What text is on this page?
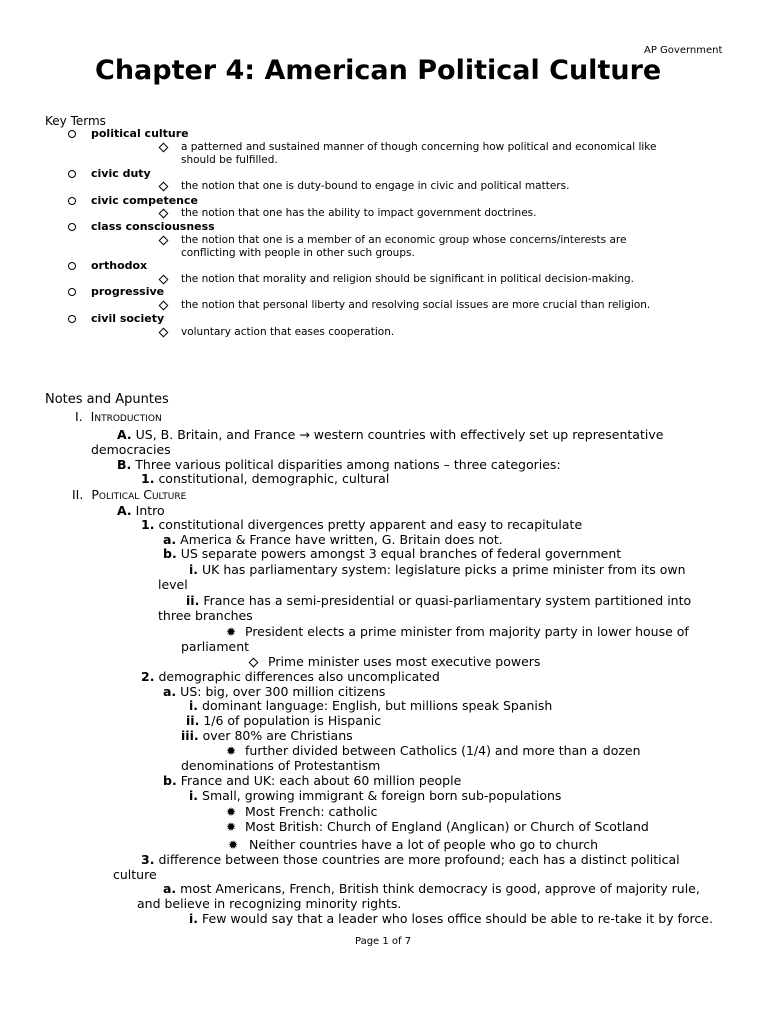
AP Government
Chapter 4: American Political Culture
Key Terms
political culture
a patterned and sustained manner of though concerning how political and economical like
should be fulfilled.
civic duty
the notion that one is duty-bound to engage in civic and political matters.
civic competence
the notion that one has the ability to impact government doctrines.
class consciousness
the notion that one is a member of an economic group whose concerns/interests are
conflicting with people in other such groups.
orthodox
the notion that morality and religion should be significant in political decision-making.
progressive
the notion that personal liberty and resolving social issues are more crucial than religion.
civil society
voluntary action that eases cooperation.
Notes and Apuntes
I. Introduction
A. US, B. Britain, and France → western countries with effectively set up representative
democracies
B. Three various political disparities among nations – three categories:
1. constitutional, demographic, cultural
II. Political Culture
A. Intro
1. constitutional divergences pretty apparent and easy to recapitulate
a. America & France have written, G. Britain does not.
b. US separate powers amongst 3 equal branches of federal government
i. UK has parliamentary system: legislature picks a prime minister from its own
level
ii. France has a semi-presidential or quasi-parliamentary system partitioned into
three branches
✹ President elects a prime minister from majority party in lower house of
parliament
Prime minister uses most executive powers
2. demographic differences also uncomplicated
a. US: big, over 300 million citizens
i. dominant language: English, but millions speak Spanish
ii. 1/6 of population is Hispanic
iii. over 80% are Christians
✹ further divided between Catholics (1/4) and more than a dozen
denominations of Protestantism
b. France and UK: each about 60 million people
i. Small, growing immigrant & foreign born sub-populations
✹ Most French: catholic
✹ Most British: Church of England (Anglican) or Church of Scotland
✹ Neither countries have a lot of people who go to church
3. difference between those countries are more profound; each has a distinct political
culture
a. most Americans, French, British think democracy is good, approve of majority rule,
and believe in recognizing minority rights.
i. Few would say that a leader who loses office should be able to re-take it by force.
Page 1 of 7
